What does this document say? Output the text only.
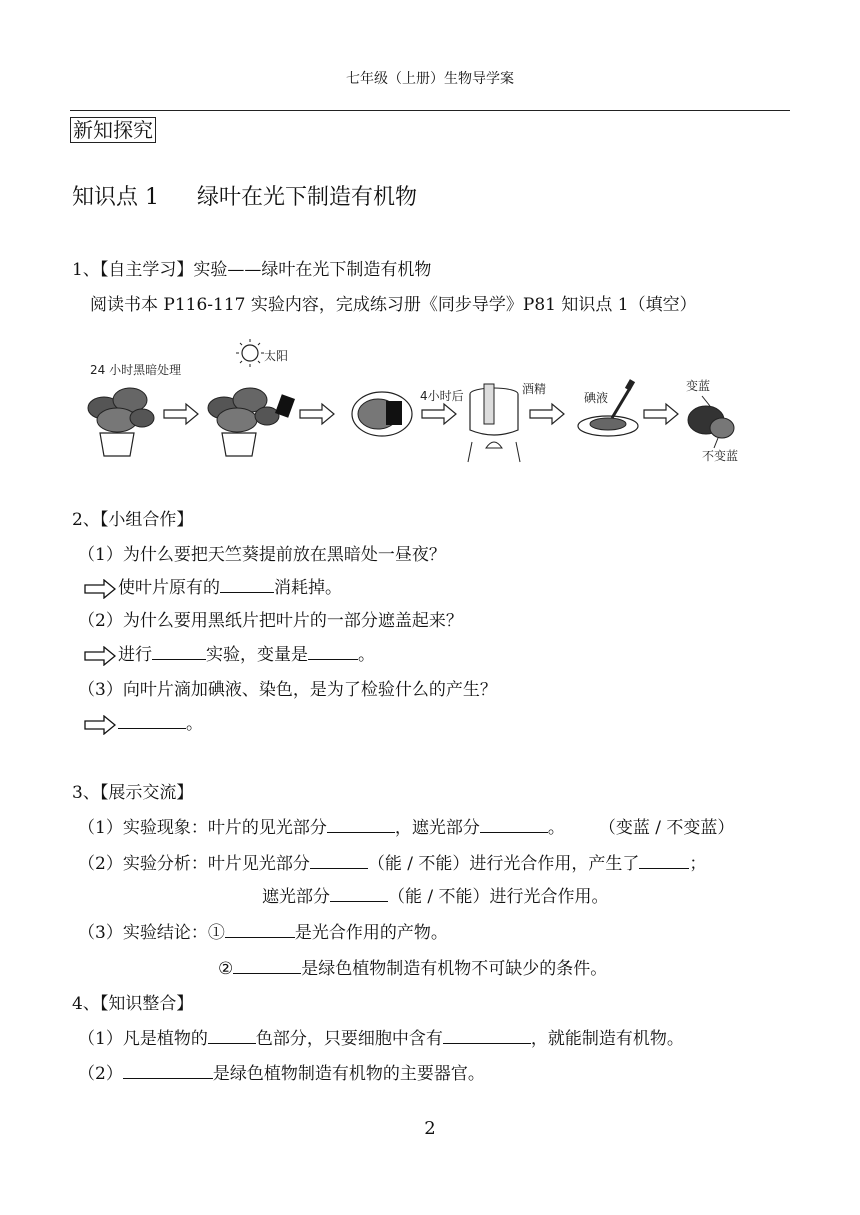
七年级（上册）生物导学案
新知探究
知识点 1 绿叶在光下制造有机物
1、【自主学习】实验——绿叶在光下制造有机物
阅读书本 P116-117 实验内容，完成练习册《同步导学》P81 知识点 1（填空）
24 小时黑暗处理
太阳
4小时后	酒精
碘液
变蓝
不变蓝
2、【小组合作】
（1）为什么要把天竺葵提前放在黑暗处一昼夜？
使叶片原有的	消耗掉。
（2）为什么要用黑纸片把叶片的一部分遮盖起来？
进行	实验，变量是	。
（3）向叶片滴加碘液、染色，是为了检验什么的产生？
。
3、【展示交流】
（1）实验现象：叶片的见光部分	，遮光部分	。 （变蓝 / 不变蓝）
（2）实验分析：叶片见光部分	（能 / 不能）进行光合作用，产生了	；
遮光部分	（能 / 不能）进行光合作用。
（3）实验结论：①	是光合作用的产物。
②	是绿色植物制造有机物不可缺少的条件。
4、【知识整合】
（1）凡是植物的	色部分，只要细胞中含有	，就能制造有机物。
（2）	是绿色植物制造有机物的主要器官。
2
